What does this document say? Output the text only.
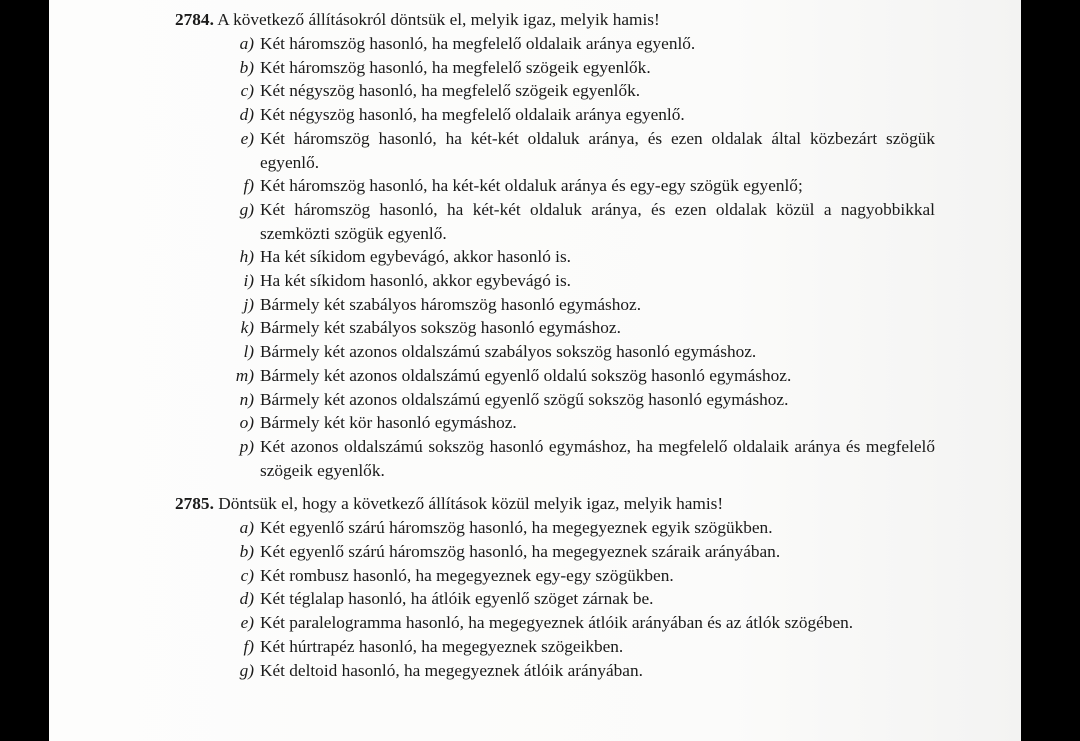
2784. A következő állításokról döntsük el, melyik igaz, melyik hamis!
a) Két háromszög hasonló, ha megfelelő oldalaik aránya egyenlő.
b) Két háromszög hasonló, ha megfelelő szögeik egyenlők.
c) Két négyszög hasonló, ha megfelelő szögeik egyenlők.
d) Két négyszög hasonló, ha megfelelő oldalaik aránya egyenlő.
e) Két háromszög hasonló, ha két-két oldaluk aránya, és ezen oldalak által közbezárt szögük egyenlő.
f) Két háromszög hasonló, ha két-két oldaluk aránya és egy-egy szögük egyenlő;
g) Két háromszög hasonló, ha két-két oldaluk aránya, és ezen oldalak közül a nagyobbikkal szemközti szögük egyenlő.
h) Ha két síkidom egybevágó, akkor hasonló is.
i) Ha két síkidom hasonló, akkor egybevágó is.
j) Bármely két szabályos háromszög hasonló egymáshoz.
k) Bármely két szabályos sokszög hasonló egymáshoz.
l) Bármely két azonos oldalszámú szabályos sokszög hasonló egymáshoz.
m) Bármely két azonos oldalszámú egyenlő oldalú sokszög hasonló egymáshoz.
n) Bármely két azonos oldalszámú egyenlő szögű sokszög hasonló egymáshoz.
o) Bármely két kör hasonló egymáshoz.
p) Két azonos oldalszámú sokszög hasonló egymáshoz, ha megfelelő oldalaik aránya és megfelelő szögeik egyenlők.
2785. Döntsük el, hogy a következő állítások közül melyik igaz, melyik hamis!
a) Két egyenlő szárú háromszög hasonló, ha megegyeznek egyik szögükben.
b) Két egyenlő szárú háromszög hasonló, ha megegyeznek száraik arányában.
c) Két rombusz hasonló, ha megegyeznek egy-egy szögükben.
d) Két téglalap hasonló, ha átlóik egyenlő szöget zárnak be.
e) Két paralelogramma hasonló, ha megegyeznek átlóik arányában és az átlók szögében.
f) Két húrtrapéz hasonló, ha megegyeznek szögeikben.
g) Két deltoid hasonló, ha megegyeznek átlóik arányában.
